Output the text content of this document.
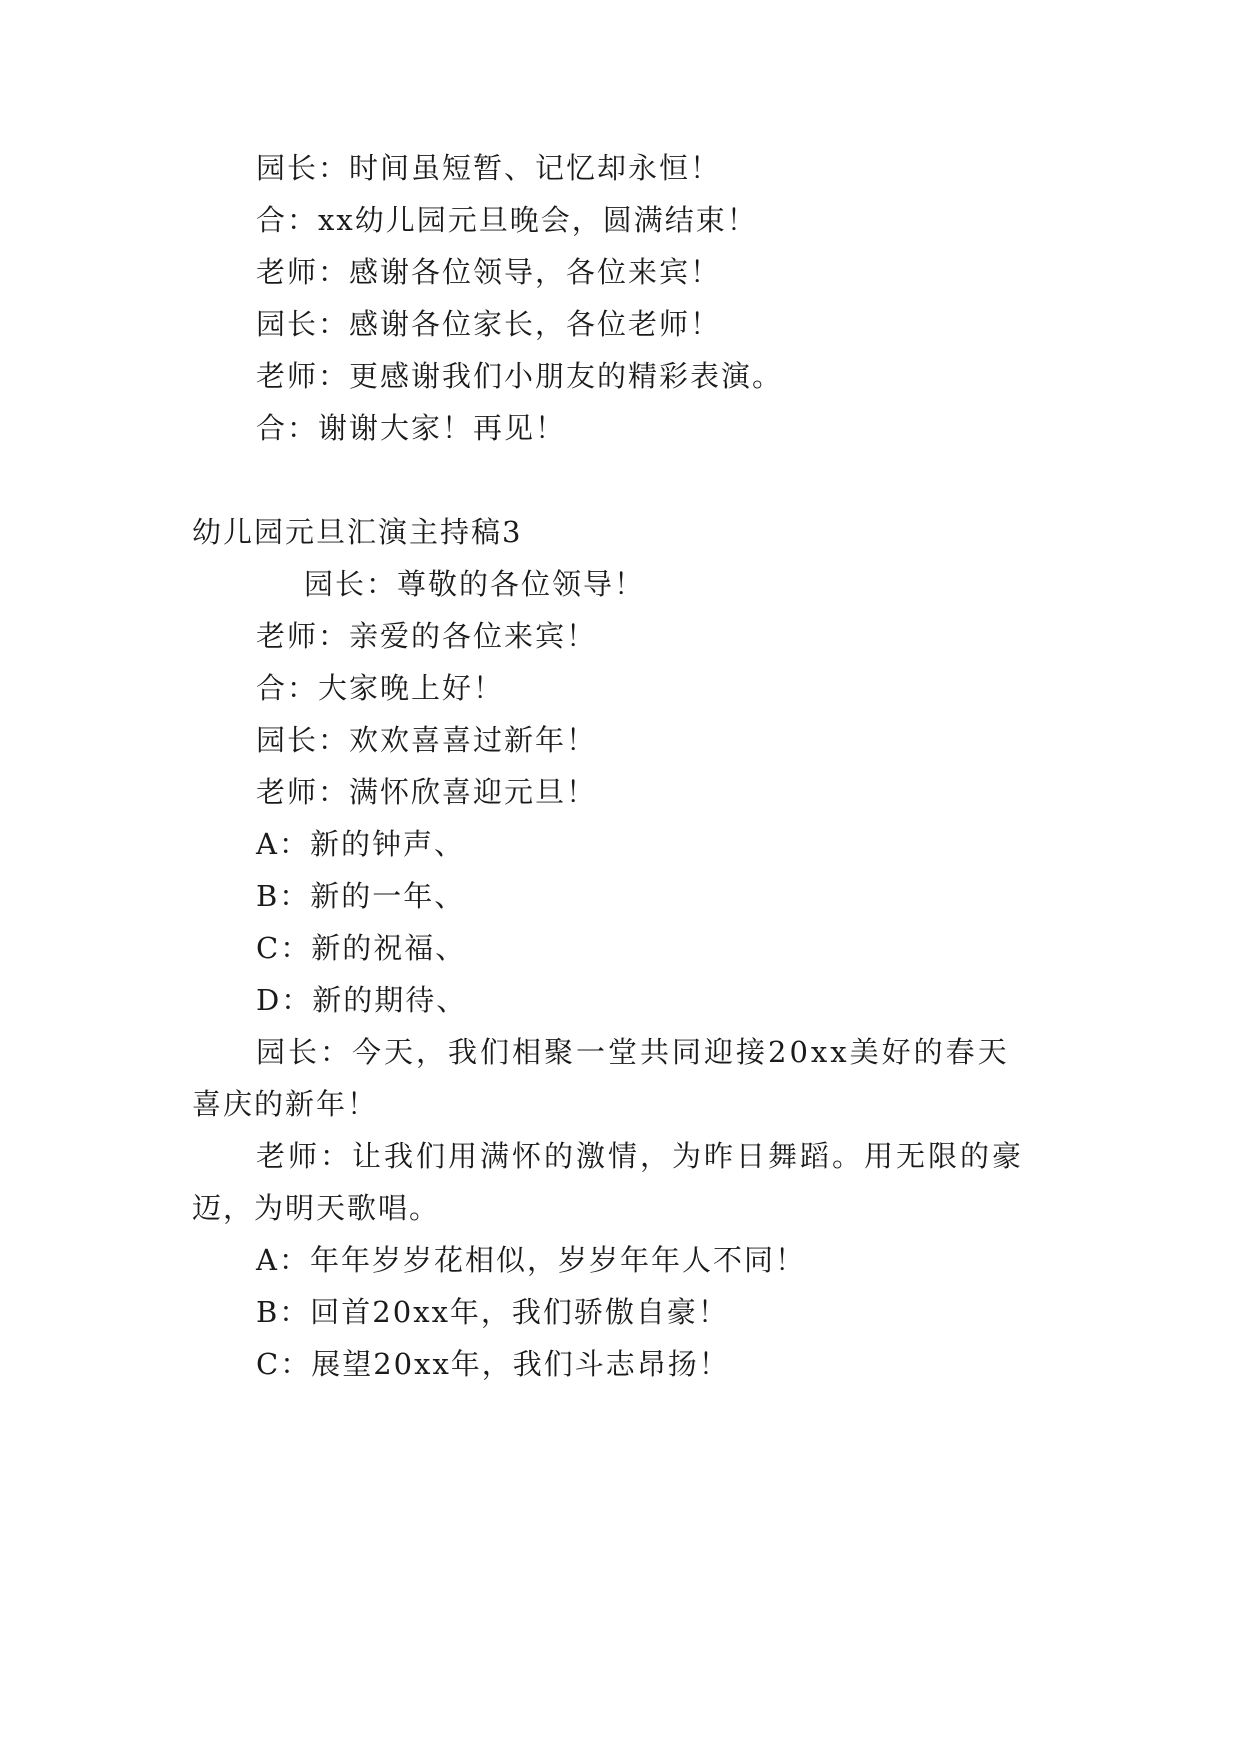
园长：时间虽短暂、记忆却永恒！
合：xx幼儿园元旦晚会，圆满结束！
老师：感谢各位领导，各位来宾！
园长：感谢各位家长，各位老师！
老师：更感谢我们小朋友的精彩表演。
合：谢谢大家！再见！
幼儿园元旦汇演主持稿3
园长：尊敬的各位领导！
老师：亲爱的各位来宾！
合：大家晚上好！
园长：欢欢喜喜过新年！
老师：满怀欣喜迎元旦！
A：新的钟声、
B：新的一年、
C：新的祝福、
D：新的期待、
园长：今天，我们相聚一堂共同迎接20xx美好的春天
喜庆的新年！
老师：让我们用满怀的激情，为昨日舞蹈。用无限的豪
迈，为明天歌唱。
A：年年岁岁花相似，岁岁年年人不同！
B：回首20xx年，我们骄傲自豪！
C：展望20xx年，我们斗志昂扬！
